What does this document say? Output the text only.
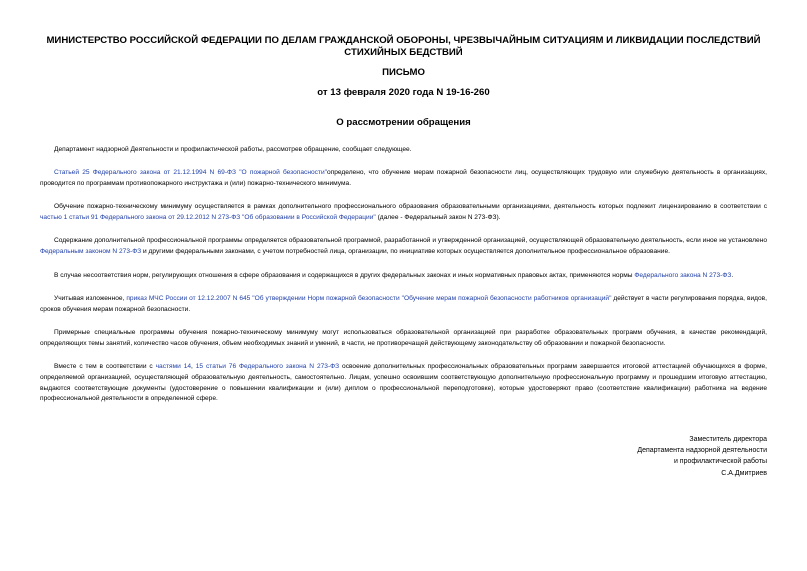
МИНИСТЕРСТВО РОССИЙСКОЙ ФЕДЕРАЦИИ ПО ДЕЛАМ ГРАЖДАНСКОЙ ОБОРОНЫ, ЧРЕЗВЫЧАЙНЫМ СИТУАЦИЯМ И ЛИКВИДАЦИИ ПОСЛЕДСТВИЙ СТИХИЙНЫХ БЕДСТВИЙ
ПИСЬМО
от 13 февраля 2020 года N 19-16-260
О рассмотрении обращения

Департамент надзорной Деятельности и профилактической работы, рассмотрев обращение, сообщает следующее.

Статьей 25 Федерального закона от 21.12.1994 N 69-ФЗ "О пожарной безопасности"определено, что обучение мерам пожарной безопасности лиц, осуществляющих трудовую или служебную деятельность в организациях, проводится по программам противопожарного инструктажа и (или) пожарно-технического минимума.

Обучение пожарно-техническому минимуму осуществляется в рамках дополнительного профессионального образования образовательными организациями, деятельность которых подлежит лицензированию в соответствии с частью 1 статьи 91 Федерального закона от 29.12.2012 N 273-ФЗ "Об образовании в Российской Федерации" (далее - Федеральный закон N 273-ФЗ).

Содержание дополнительной профессиональной программы определяется образовательной программой, разработанной и утвержденной организацией, осуществляющей образовательную деятельность, если иное не установлено Федеральным законом N 273-ФЗ и другими федеральными законами, с учетом потребностей лица, организации, по инициативе которых осуществляется дополнительное профессиональное образование.

В случае несоответствия норм, регулирующих отношения в сфере образования и содержащихся в других федеральных законах и иных нормативных правовых актах, применяются нормы Федерального закона N 273-ФЗ.

Учитывая изложенное, приказ МЧС России от 12.12.2007 N 645 "Об утверждении Норм пожарной безопасности "Обучение мерам пожарной безопасности работников организаций" действует в части регулирования порядка, видов, сроков обучения мерам пожарной безопасности.

Примерные специальные программы обучения пожарно-техническому минимуму могут использоваться образовательной организацией при разработке образовательных программ обучения, в качестве рекомендаций, определяющих темы занятий, количество часов обучения, объем необходимых знаний и умений, в части, не противоречащей действующему законодательству об образовании и пожарной безопасности.

Вместе с тем в соответствии с частями 14, 15 статьи 76 Федерального закона N 273-ФЗ освоение дополнительных профессиональных образовательных программ завершается итоговой аттестацией обучающихся в форме, определяемой организацией, осуществляющей образовательную деятельность, самостоятельно. Лицам, успешно освоившим соответствующую дополнительную профессиональную программу и прошедшим итоговую аттестацию, выдаются соответствующие документы (удостоверение о повышении квалификации и (или) диплом о профессиональной переподготовке), которые удостоверяют право (соответствие квалификации) работника на ведение профессиональной деятельности в определенной сфере.

Заместитель директора
Департамента надзорной деятельности
и профилактической работы
С.А.Дмитриев
